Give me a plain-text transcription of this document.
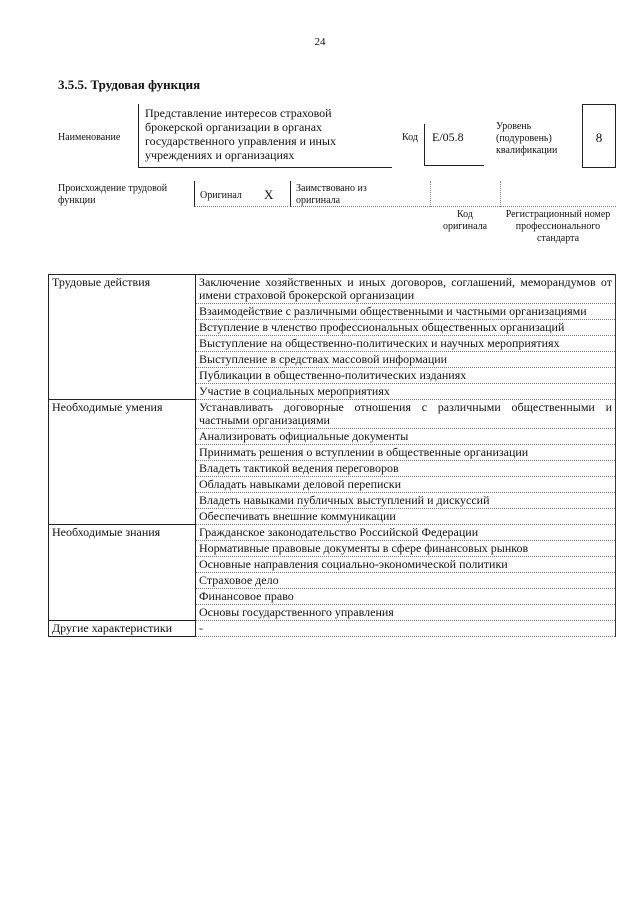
24
3.5.5. Трудовая функция
Наименование
Представление интересов страховой брокерской организации в органах государственного управления и иных учреждениях и организациях
Код E/05.8
Уровень (подуровень) квалификации
8
Происхождение трудовой функции	Оригинал X Заимствовано из оригинала
Код оригинала
Регистрационный номер профессионального стандарта
Трудовые действия	Заключение хозяйственных и иных договоров, соглашений, меморандумов от имени страховой брокерской организации
	Взаимодействие с различными общественными и частными организациями
	Вступление в членство профессиональных общественных организаций
	Выступление на общественно-политических и научных мероприятиях
	Выступление в средствах массовой информации
	Публикации в общественно-политических изданиях
	Участие в социальных мероприятиях

Необходимые умения	Устанавливать договорные отношения с различными общественными и частными организациями
	Анализировать официальные документы
	Принимать решения о вступлении в общественные организации
	Владеть тактикой ведения переговоров
	Обладать навыками деловой переписки
	Владеть навыками публичных выступлений и дискуссий
	Обеспечивать внешние коммуникации

Необходимые знания	Гражданское законодательство Российской Федерации
	Нормативные правовые документы в сфере финансовых рынков
	Основные направления социально-экономической политики
	Страховое дело
	Финансовое право
	Основы государственного управления

Другие характеристики	-
